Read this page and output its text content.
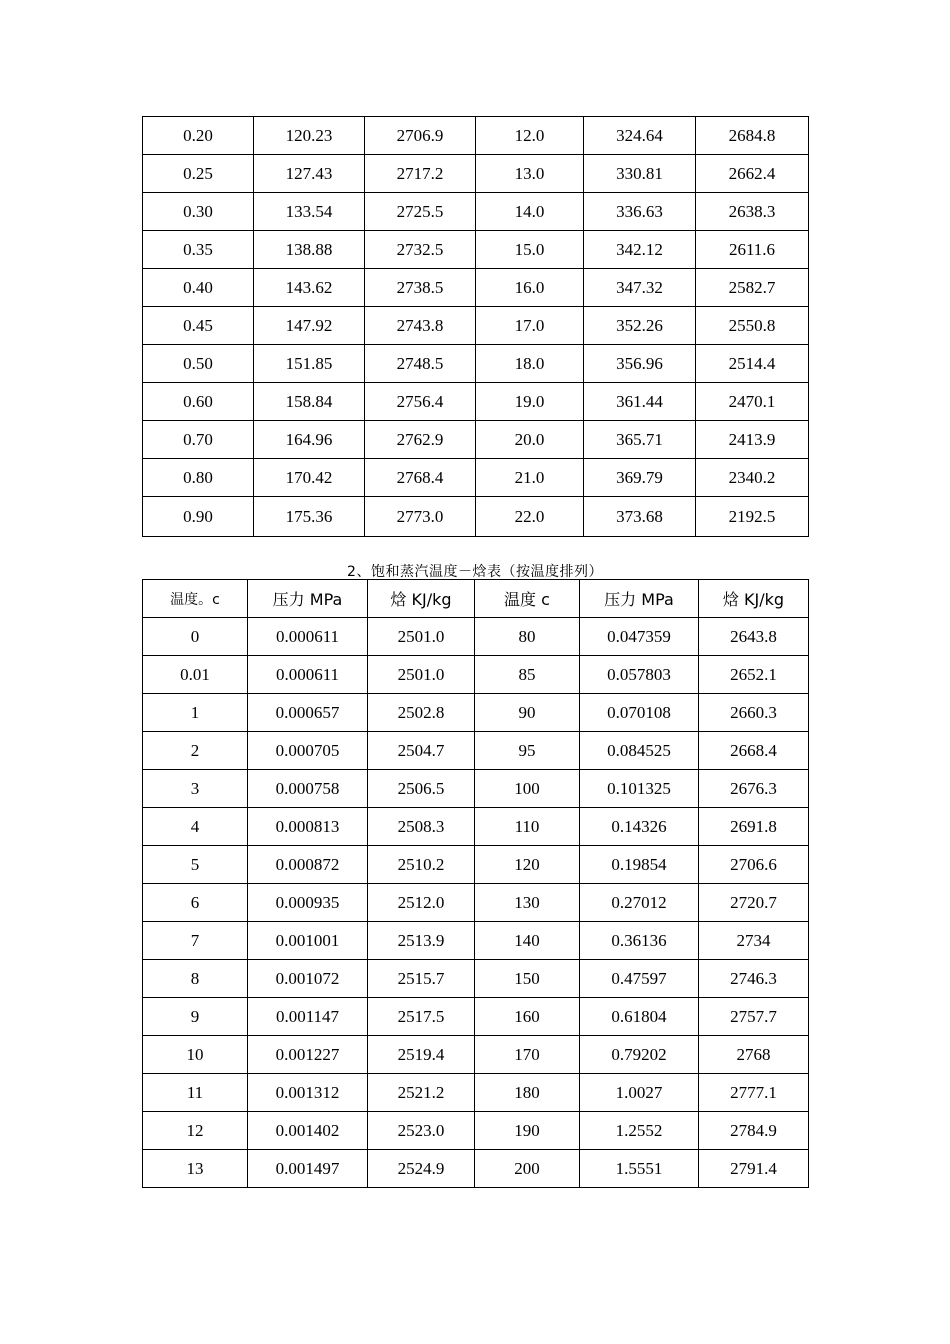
0.20	120.23	2706.9	12.0	324.64	2684.8
0.25	127.43	2717.2	13.0	330.81	2662.4
0.30	133.54	2725.5	14.0	336.63	2638.3
0.35	138.88	2732.5	15.0	342.12	2611.6
0.40	143.62	2738.5	16.0	347.32	2582.7
0.45	147.92	2743.8	17.0	352.26	2550.8
0.50	151.85	2748.5	18.0	356.96	2514.4
0.60	158.84	2756.4	19.0	361.44	2470.1
0.70	164.96	2762.9	20.0	365.71	2413.9
0.80	170.42	2768.4	21.0	369.79	2340.2
0.90	175.36	2773.0	22.0	373.68	2192.5
2、饱和蒸汽温度－焓表（按温度排列）
温度。c	压力 MPa	焓 KJ/kg	温度 c	压力 MPa	焓 KJ/kg
0	0.000611	2501.0	80	0.047359	2643.8
0.01	0.000611	2501.0	85	0.057803	2652.1
1	0.000657	2502.8	90	0.070108	2660.3
2	0.000705	2504.7	95	0.084525	2668.4
3	0.000758	2506.5	100	0.101325	2676.3
4	0.000813	2508.3	110	0.14326	2691.8
5	0.000872	2510.2	120	0.19854	2706.6
6	0.000935	2512.0	130	0.27012	2720.7
7	0.001001	2513.9	140	0.36136	2734
8	0.001072	2515.7	150	0.47597	2746.3
9	0.001147	2517.5	160	0.61804	2757.7
10	0.001227	2519.4	170	0.79202	2768
11	0.001312	2521.2	180	1.0027	2777.1
12	0.001402	2523.0	190	1.2552	2784.9
13	0.001497	2524.9	200	1.5551	2791.4
